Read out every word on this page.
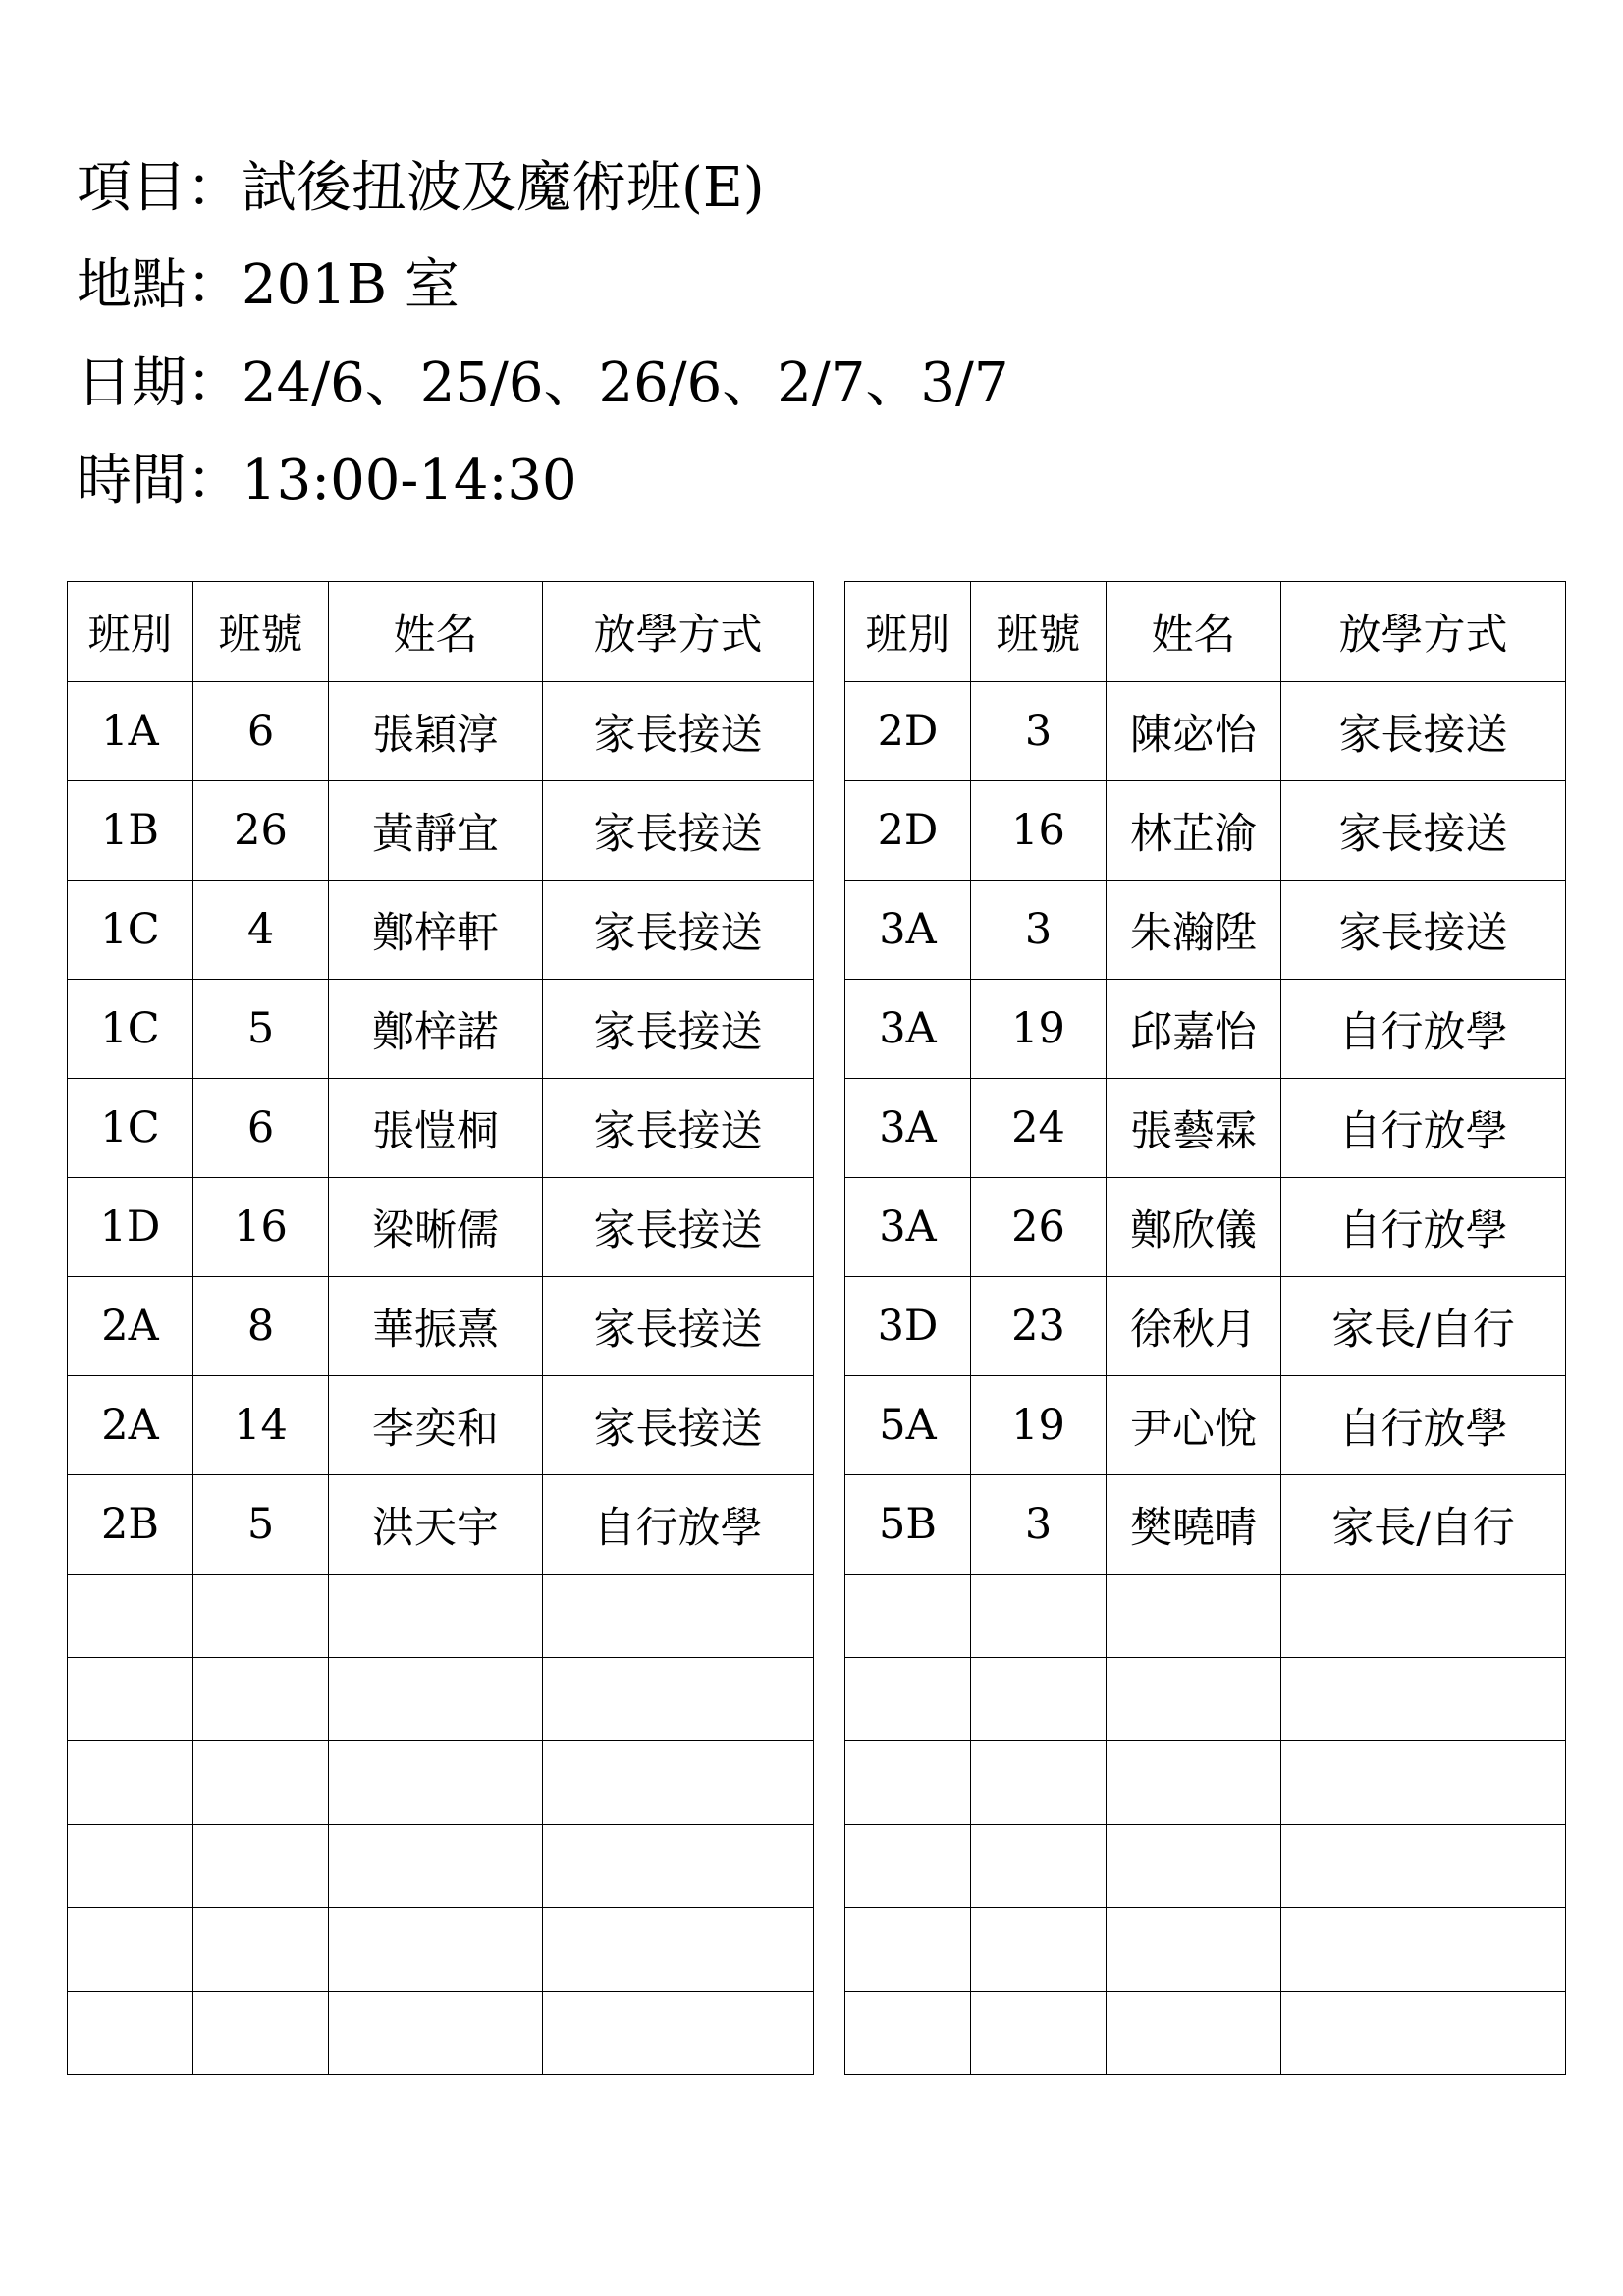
項目：試後扭波及魔術班(E)
地點：201B 室
日期：24/6、25/6、26/6、2/7、3/7
時間：13:00-14:30
班別	班號	姓名	放學方式
1A	6	張穎淳	家長接送
1B	26	黃靜宜	家長接送
1C	4	鄭梓軒	家長接送
1C	5	鄭梓諾	家長接送
1C	6	張愷桐	家長接送
1D	16	梁晰儒	家長接送
2A	8	華振熹	家長接送
2A	14	李奕和	家長接送
2B	5	洪天宇	自行放學

班別	班號	姓名	放學方式
2D	3	陳宓怡	家長接送
2D	16	林芷渝	家長接送
3A	3	朱瀚陞	家長接送
3A	19	邱嘉怡	自行放學
3A	24	張藝霖	自行放學
3A	26	鄭欣儀	自行放學
3D	23	徐秋月	家長/自行
5A	19	尹心悅	自行放學
5B	3	樊曉晴	家長/自行
